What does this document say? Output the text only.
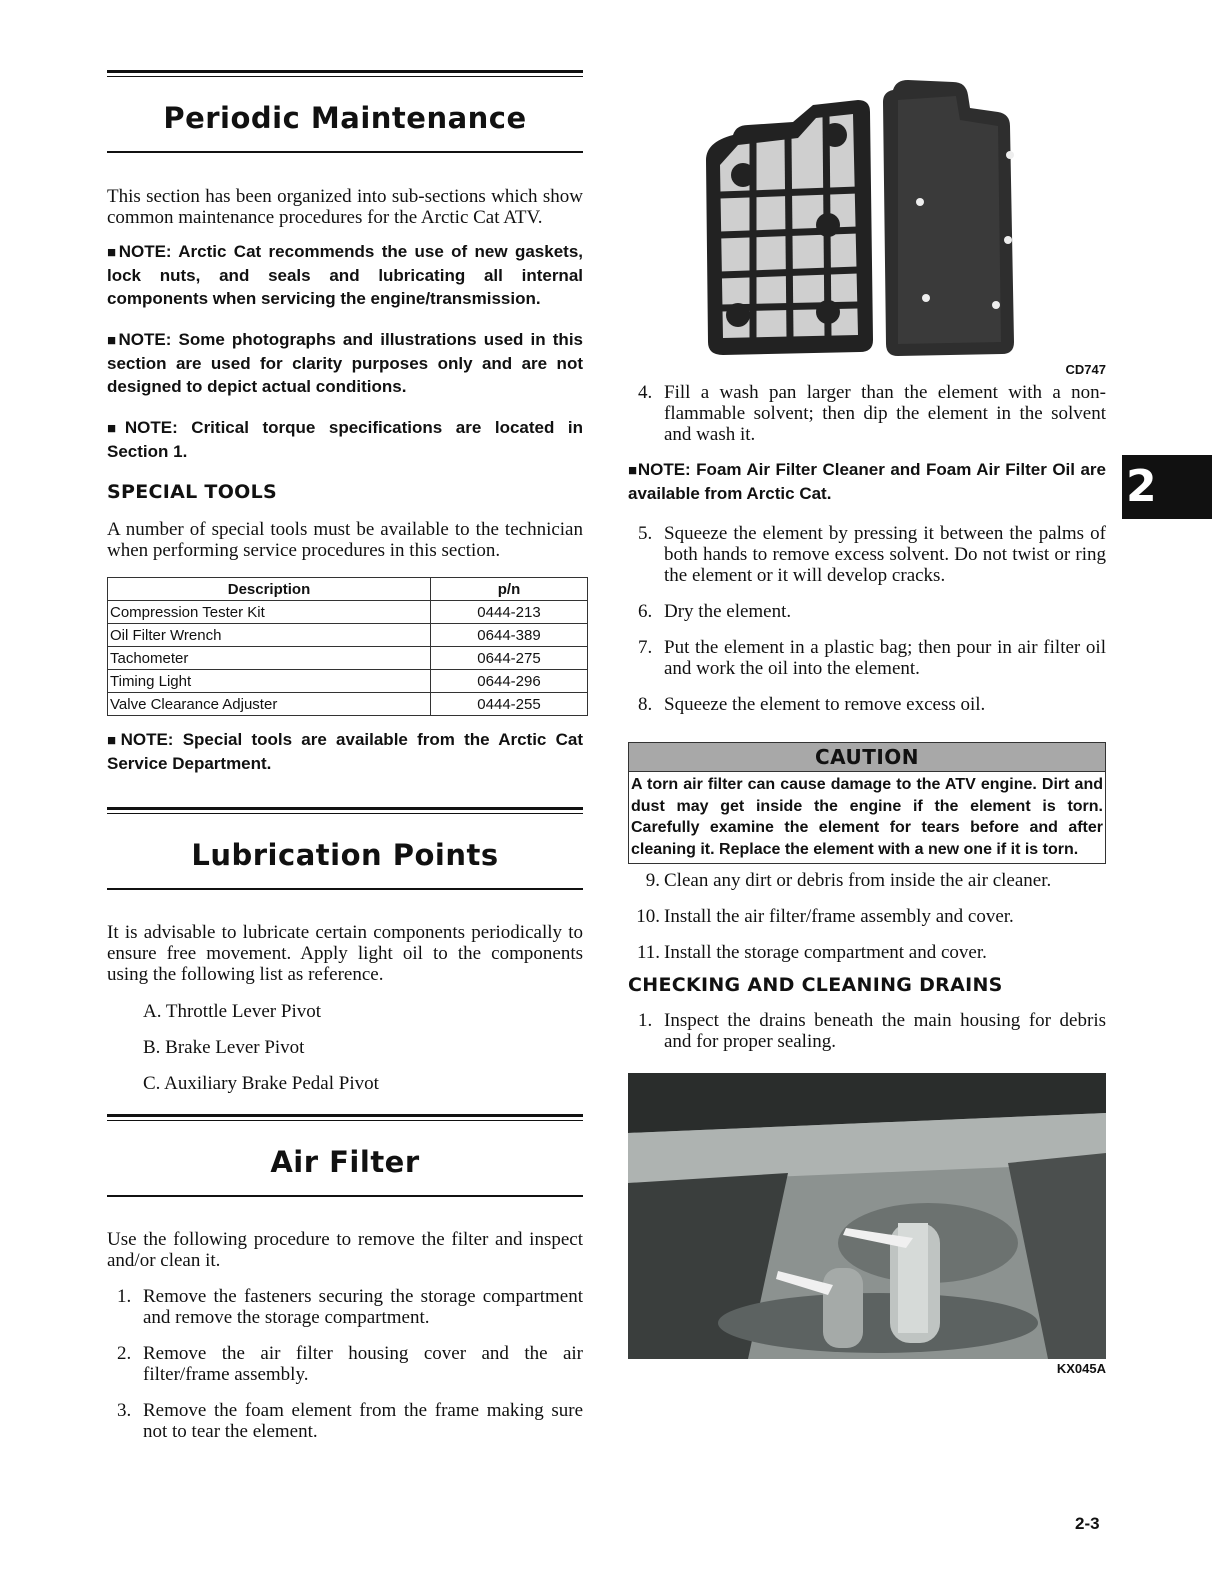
Periodic Maintenance

This section has been organized into sub-sections which show common maintenance procedures for the Arctic Cat ATV.

■NOTE: Arctic Cat recommends the use of new gaskets, lock nuts, and seals and lubricating all internal components when servicing the engine/transmission.

■NOTE: Some photographs and illustrations used in this section are used for clarity purposes only and are not designed to depict actual conditions.

■NOTE: Critical torque specifications are located in Section 1.

SPECIAL TOOLS

A number of special tools must be available to the technician when performing service procedures in this section.

Description	p/n
Compression Tester Kit	0444-213
Oil Filter Wrench	0644-389
Tachometer	0644-275
Timing Light	0644-296
Valve Clearance Adjuster	0444-255

■NOTE: Special tools are available from the Arctic Cat Service Department.

Lubrication Points

It is advisable to lubricate certain components periodically to ensure free movement. Apply light oil to the components using the following list as reference.

A. Throttle Lever Pivot
B. Brake Lever Pivot
C. Auxiliary Brake Pedal Pivot
Air Filter

Use the following procedure to remove the filter and inspect and/or clean it.

1. Remove the fasteners securing the storage compartment and remove the storage compartment.
2. Remove the air filter housing cover and the air filter/frame assembly.
3. Remove the foam element from the frame making sure not to tear the element.
CD747
4. Fill a wash pan larger than the element with a non-flammable solvent; then dip the element in the solvent and wash it.

■NOTE: Foam Air Filter Cleaner and Foam Air Filter Oil are available from Arctic Cat.

5. Squeeze the element by pressing it between the palms of both hands to remove excess solvent. Do not twist or ring the element or it will develop cracks.
6. Dry the element.
7. Put the element in a plastic bag; then pour in air filter oil and work the oil into the element.
8. Squeeze the element to remove excess oil.
CAUTION
A torn air filter can cause damage to the ATV engine. Dirt and dust may get inside the engine if the element is torn. Carefully examine the element for tears before and after cleaning it. Replace the element with a new one if it is torn.
9. Clean any dirt or debris from inside the air cleaner.
10. Install the air filter/frame assembly and cover.
11. Install the storage compartment and cover.

CHECKING AND CLEANING DRAINS

1. Inspect the drains beneath the main housing for debris and for proper sealing.
KX045A
2
2-3
